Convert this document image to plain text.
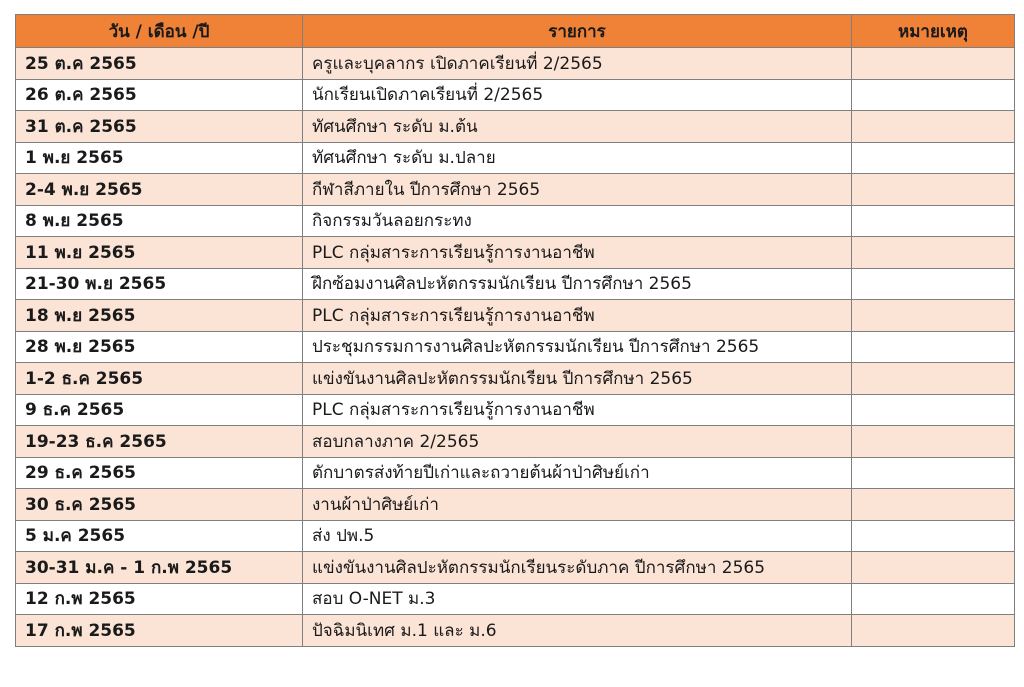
วัน / เดือน /ปี	รายการ	หมายเหตุ
25 ต.ค 2565	ครูและบุคลากร เปิดภาคเรียนที่ 2/2565	
26 ต.ค 2565	นักเรียนเปิดภาคเรียนที่ 2/2565	
31 ต.ค 2565	ทัศนศึกษา ระดับ ม.ต้น	
1 พ.ย 2565	ทัศนศึกษา ระดับ ม.ปลาย	
2-4 พ.ย 2565	กีฬาสีภายใน ปีการศึกษา 2565	
8 พ.ย 2565	กิจกรรมวันลอยกระทง	
11 พ.ย 2565	PLC กลุ่มสาระการเรียนรู้การงานอาชีพ	
21-30 พ.ย 2565	ฝึกซ้อมงานศิลปะหัตกรรมนักเรียน ปีการศึกษา 2565	
18 พ.ย 2565	PLC กลุ่มสาระการเรียนรู้การงานอาชีพ	
28 พ.ย 2565	ประชุมกรรมการงานศิลปะหัตกรรมนักเรียน ปีการศึกษา 2565	
1-2 ธ.ค 2565	แข่งขันงานศิลปะหัตกรรมนักเรียน ปีการศึกษา 2565	
9 ธ.ค 2565	PLC กลุ่มสาระการเรียนรู้การงานอาชีพ	
19-23 ธ.ค 2565	สอบกลางภาค 2/2565	
29 ธ.ค 2565	ตักบาตรส่งท้ายปีเก่าและถวายต้นผ้าป่าศิษย์เก่า	
30 ธ.ค 2565	งานผ้าป่าศิษย์เก่า	
5 ม.ค 2565	ส่ง ปพ.5	
30-31 ม.ค - 1 ก.พ 2565	แข่งขันงานศิลปะหัตกรรมนักเรียนระดับภาค ปีการศึกษา 2565	
12 ก.พ 2565	สอบ O-NET ม.3	
17 ก.พ 2565	ปัจฉิมนิเทศ ม.1 และ ม.6	
